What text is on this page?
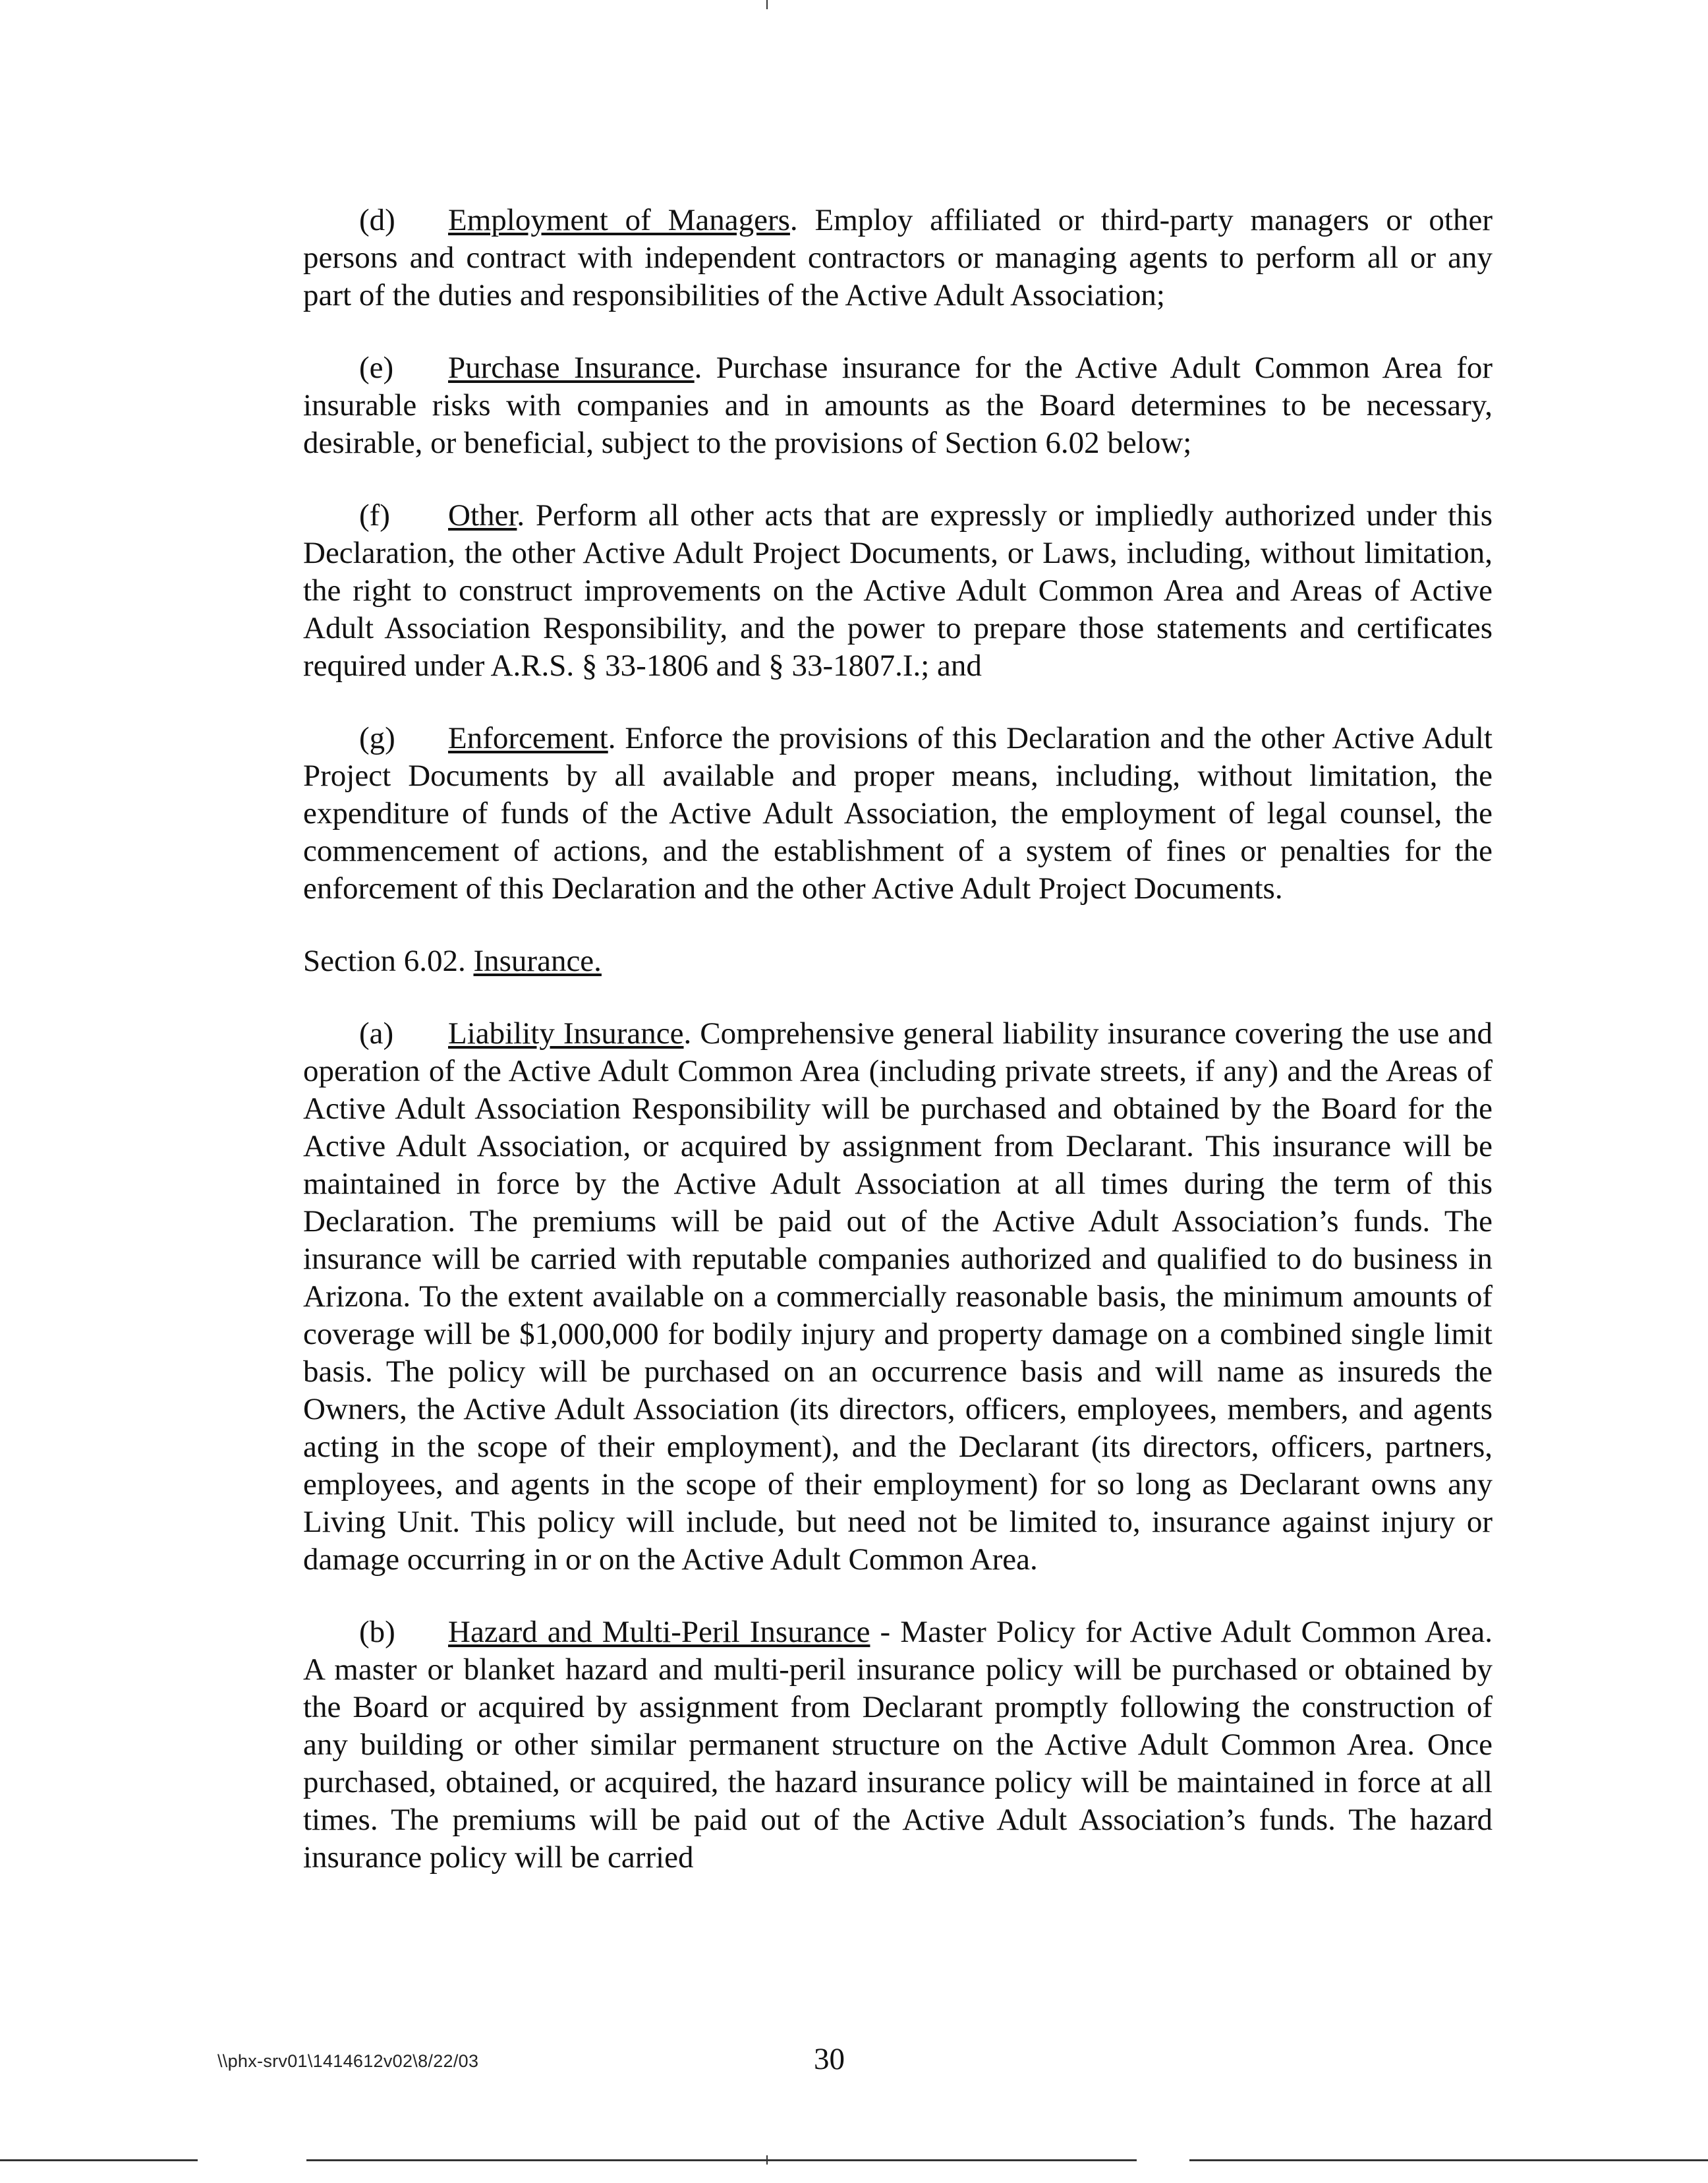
(d) Employment of Managers. Employ affiliated or third-party managers or other persons and contract with independent contractors or managing agents to perform all or any part of the duties and responsibilities of the Active Adult Association;

(e) Purchase Insurance. Purchase insurance for the Active Adult Common Area for insurable risks with companies and in amounts as the Board determines to be necessary, desirable, or beneficial, subject to the provisions of Section 6.02 below;

(f) Other. Perform all other acts that are expressly or impliedly authorized under this Declaration, the other Active Adult Project Documents, or Laws, including, without limitation, the right to construct improvements on the Active Adult Common Area and Areas of Active Adult Association Responsibility, and the power to prepare those statements and certificates required under A.R.S. § 33-1806 and § 33-1807.I.; and

(g) Enforcement. Enforce the provisions of this Declaration and the other Active Adult Project Documents by all available and proper means, including, without limitation, the expenditure of funds of the Active Adult Association, the employment of legal counsel, the commencement of actions, and the establishment of a system of fines or penalties for the enforcement of this Declaration and the other Active Adult Project Documents.

Section 6.02. Insurance.

(a) Liability Insurance. Comprehensive general liability insurance covering the use and operation of the Active Adult Common Area (including private streets, if any) and the Areas of Active Adult Association Responsibility will be purchased and obtained by the Board for the Active Adult Association, or acquired by assignment from Declarant. This insurance will be maintained in force by the Active Adult Association at all times during the term of this Declaration. The premiums will be paid out of the Active Adult Association’s funds. The insurance will be carried with reputable companies authorized and qualified to do business in Arizona. To the extent available on a commercially reasonable basis, the minimum amounts of coverage will be $1,000,000 for bodily injury and property damage on a combined single limit basis. The policy will be purchased on an occurrence basis and will name as insureds the Owners, the Active Adult Association (its directors, officers, employees, members, and agents acting in the scope of their employment), and the Declarant (its directors, officers, partners, employees, and agents in the scope of their employment) for so long as Declarant owns any Living Unit. This policy will include, but need not be limited to, insurance against injury or damage occurring in or on the Active Adult Common Area.

(b) Hazard and Multi-Peril Insurance - Master Policy for Active Adult Common Area. A master or blanket hazard and multi-peril insurance policy will be purchased or obtained by the Board or acquired by assignment from Declarant promptly following the construction of any building or other similar permanent structure on the Active Adult Common Area. Once purchased, obtained, or acquired, the hazard insurance policy will be maintained in force at all times. The premiums will be paid out of the Active Adult Association’s funds. The hazard insurance policy will be carried

\\phx-srv01\1414612v02\8/22/03	30
